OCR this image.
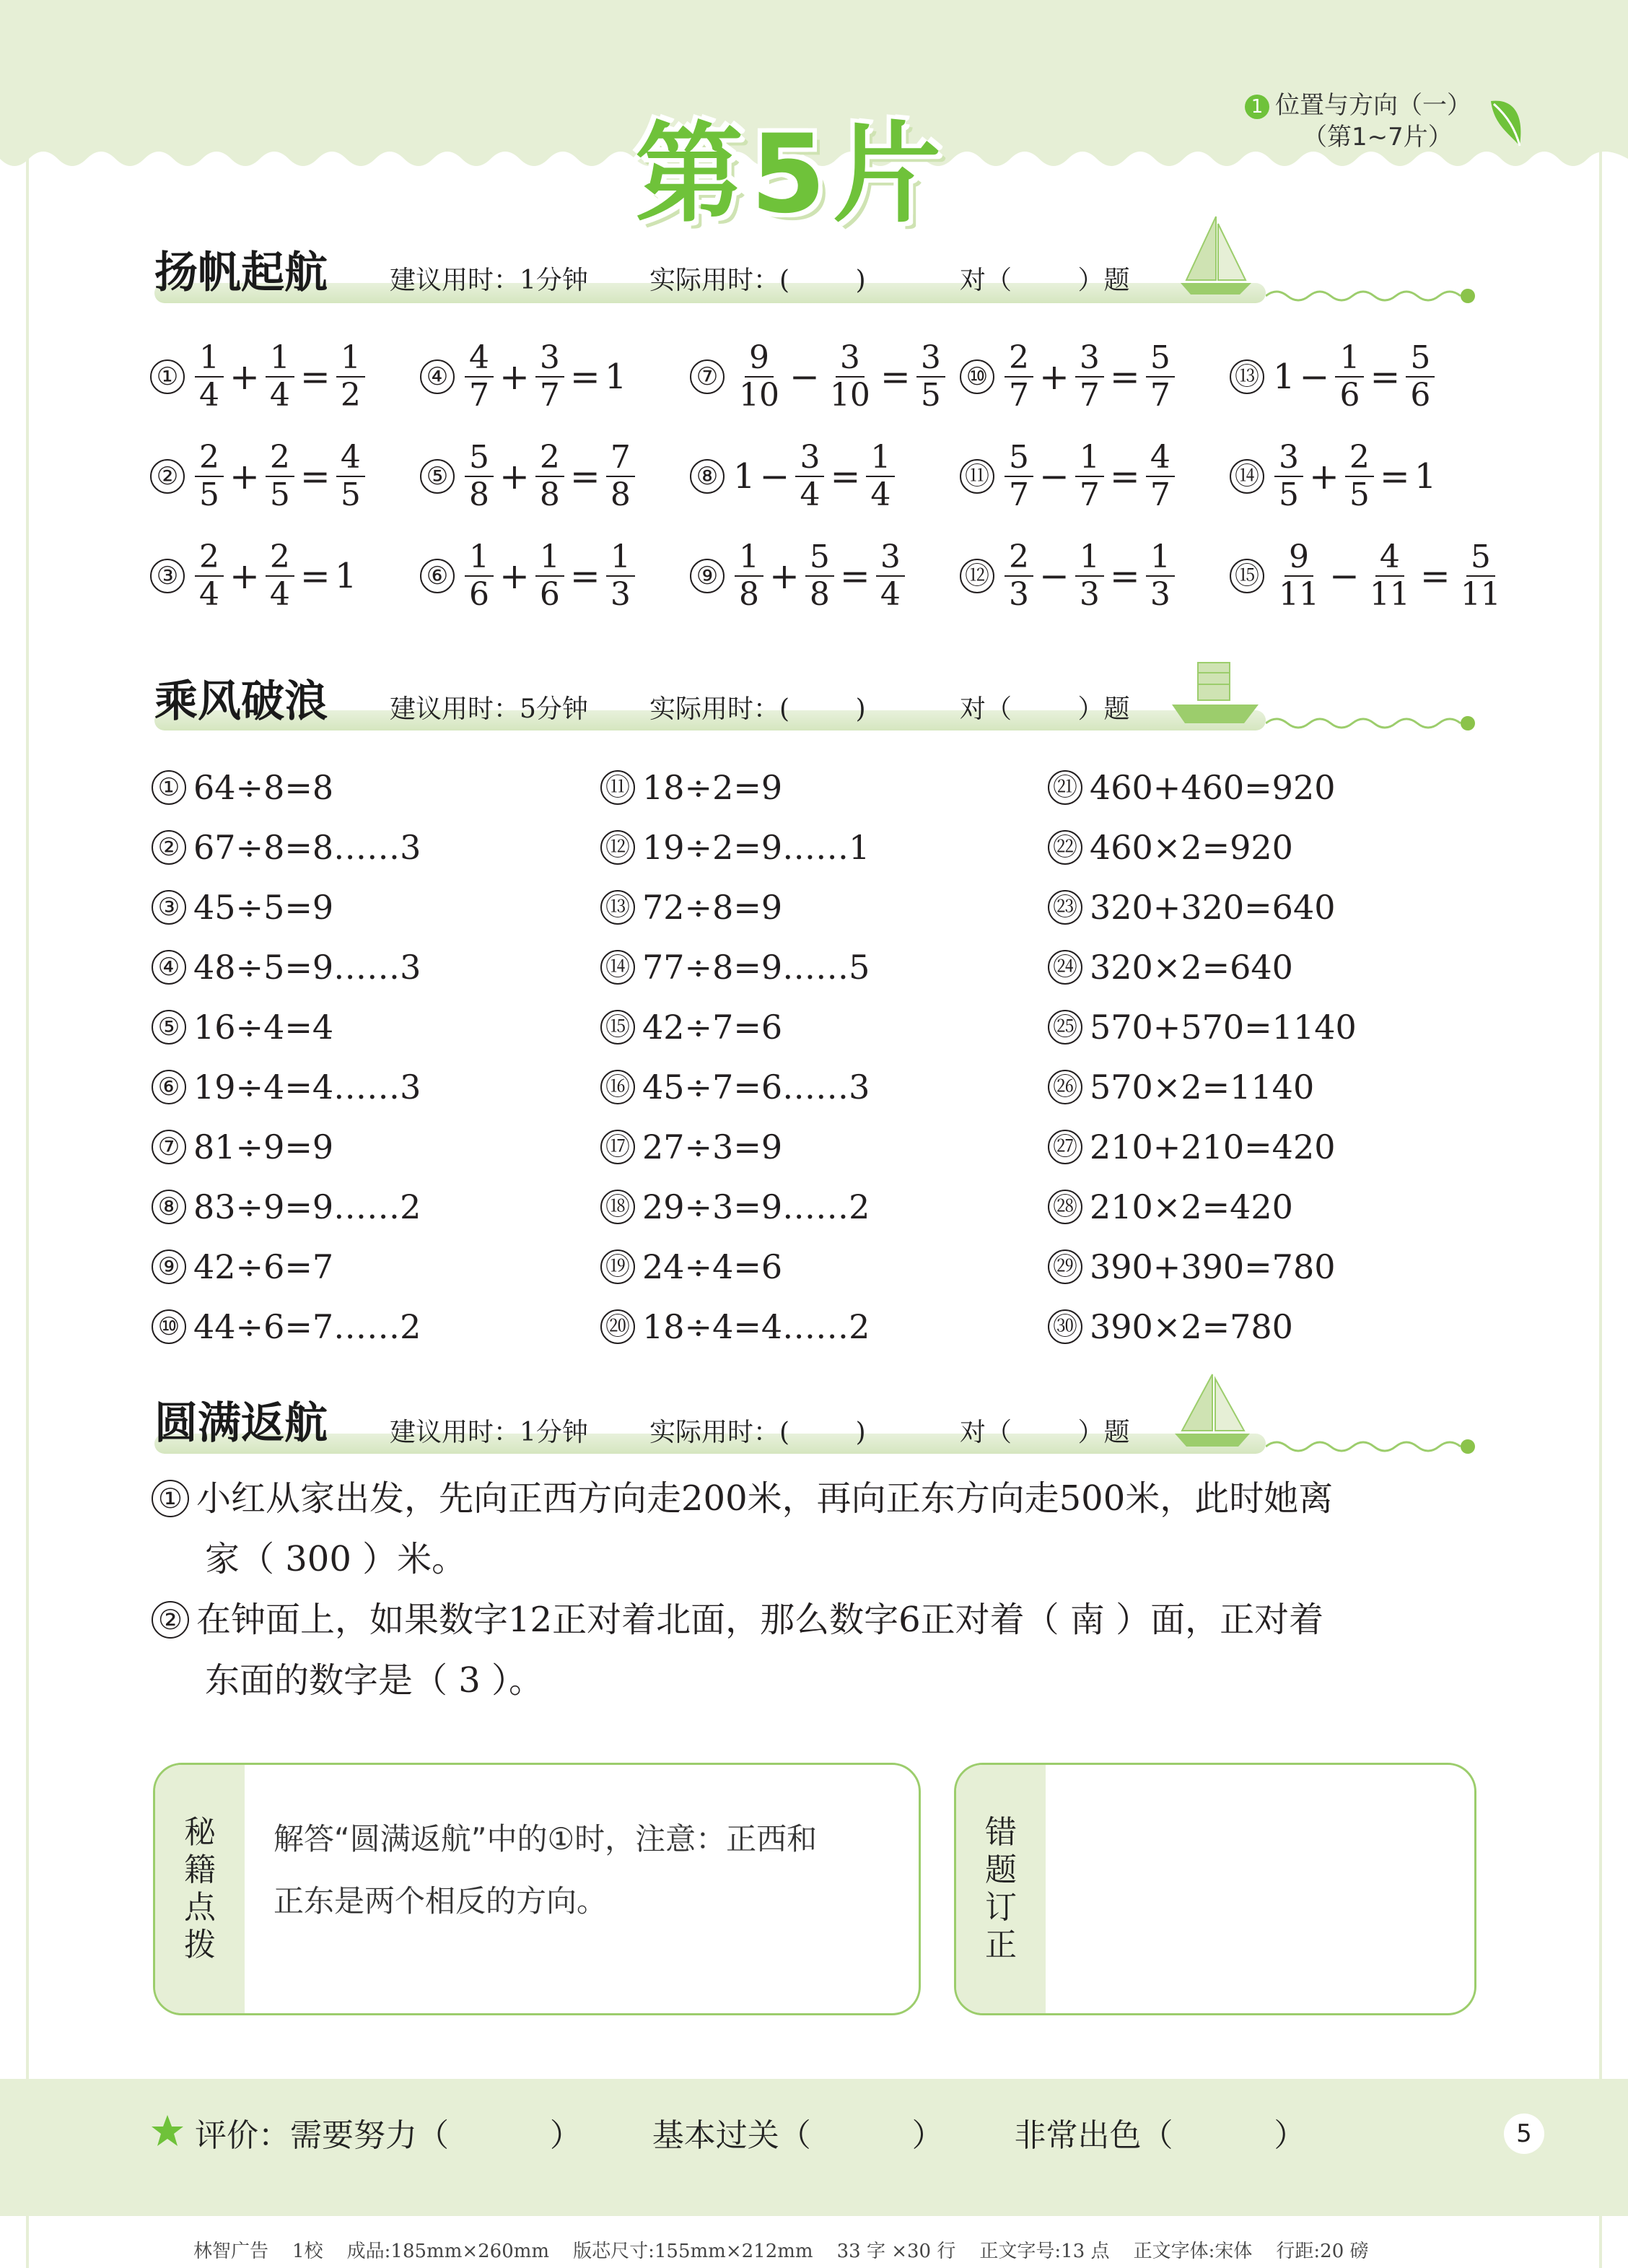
第5片
1 位置与方向（一）
（第1~7片）
扬帆起航 建议用时：1分钟 实际用时：(        )	对（        ）题
① $\frac{1}{4} + \frac{1}{4} = \frac{1}{2}$
② $\frac{2}{5} + \frac{2}{5} = \frac{4}{5}$
③ $\frac{2}{4} + \frac{2}{4} = 1$
④ $\frac{4}{7} + \frac{3}{7} = 1$
⑤ $\frac{5}{8} + \frac{2}{8} = \frac{7}{8}$
⑥ $\frac{1}{6} + \frac{1}{6} = \frac{1}{3}$
⑦ $\frac{9}{10} - \frac{3}{10} = \frac{3}{5}$
⑧ $1 - \frac{3}{4} = \frac{1}{4}$
⑨ $\frac{1}{8} + \frac{5}{8} = \frac{3}{4}$
⑩ $\frac{2}{7} + \frac{3}{7} = \frac{5}{7}$
⑪ $\frac{5}{7} - \frac{1}{7} = \frac{4}{7}$
⑫ $\frac{2}{3} - \frac{1}{3} = \frac{1}{3}$
⑬ $1 - \frac{1}{6} = \frac{5}{6}$
⑭ $\frac{3}{5} + \frac{2}{5} = 1$
⑮ $\frac{9}{11} - \frac{4}{11} = \frac{5}{11}$
乘风破浪 建议用时：5分钟 实际用时：(        )	对（        ）题
① 64÷8=8
② 67÷8=8……3
③ 45÷5=9
④ 48÷5=9……3
⑤ 16÷4=4
⑥ 19÷4=4……3
⑦ 81÷9=9
⑧ 83÷9=9……2
⑨ 42÷6=7
⑩ 44÷6=7……2
⑪ 18÷2=9
⑫ 19÷2=9……1
⑬ 72÷8=9
⑭ 77÷8=9……5
⑮ 42÷7=6
⑯ 45÷7=6……3
⑰ 27÷3=9
⑱ 29÷3=9……2
⑲ 24÷4=6
⑳ 18÷4=4……2
㉑ 460+460=920
㉒ 460×2=920
㉓ 320+320=640
㉔ 320×2=640
㉕ 570+570=1140
㉖ 570×2=1140
㉗ 210+210=420
㉘ 210×2=420
㉙ 390+390=780
㉚ 390×2=780
圆满返航 建议用时：1分钟 实际用时：(        )	对（        ）题
① 小红从家出发，先向正西方向走200米，再向正东方向走500米，此时她离
家（ 300 ）米。
② 在钟面上，如果数字12正对着北面，那么数字6正对着（ 南 ）面，正对着
东面的数字是（ 3 ）。
秘籍点拨
解答“圆满返航”中的①时，注意：正西和
正东是两个相反的方向。
错题订正
评价：需要努力（          ）       基本过关（          ）       非常出色（          ）	5
林智广告    1校    成品:185mm×260mm    版芯尺寸:155mm×212mm    33 字 ×30 行    正文字号:13 点    正文字体:宋体    行距:20 磅
